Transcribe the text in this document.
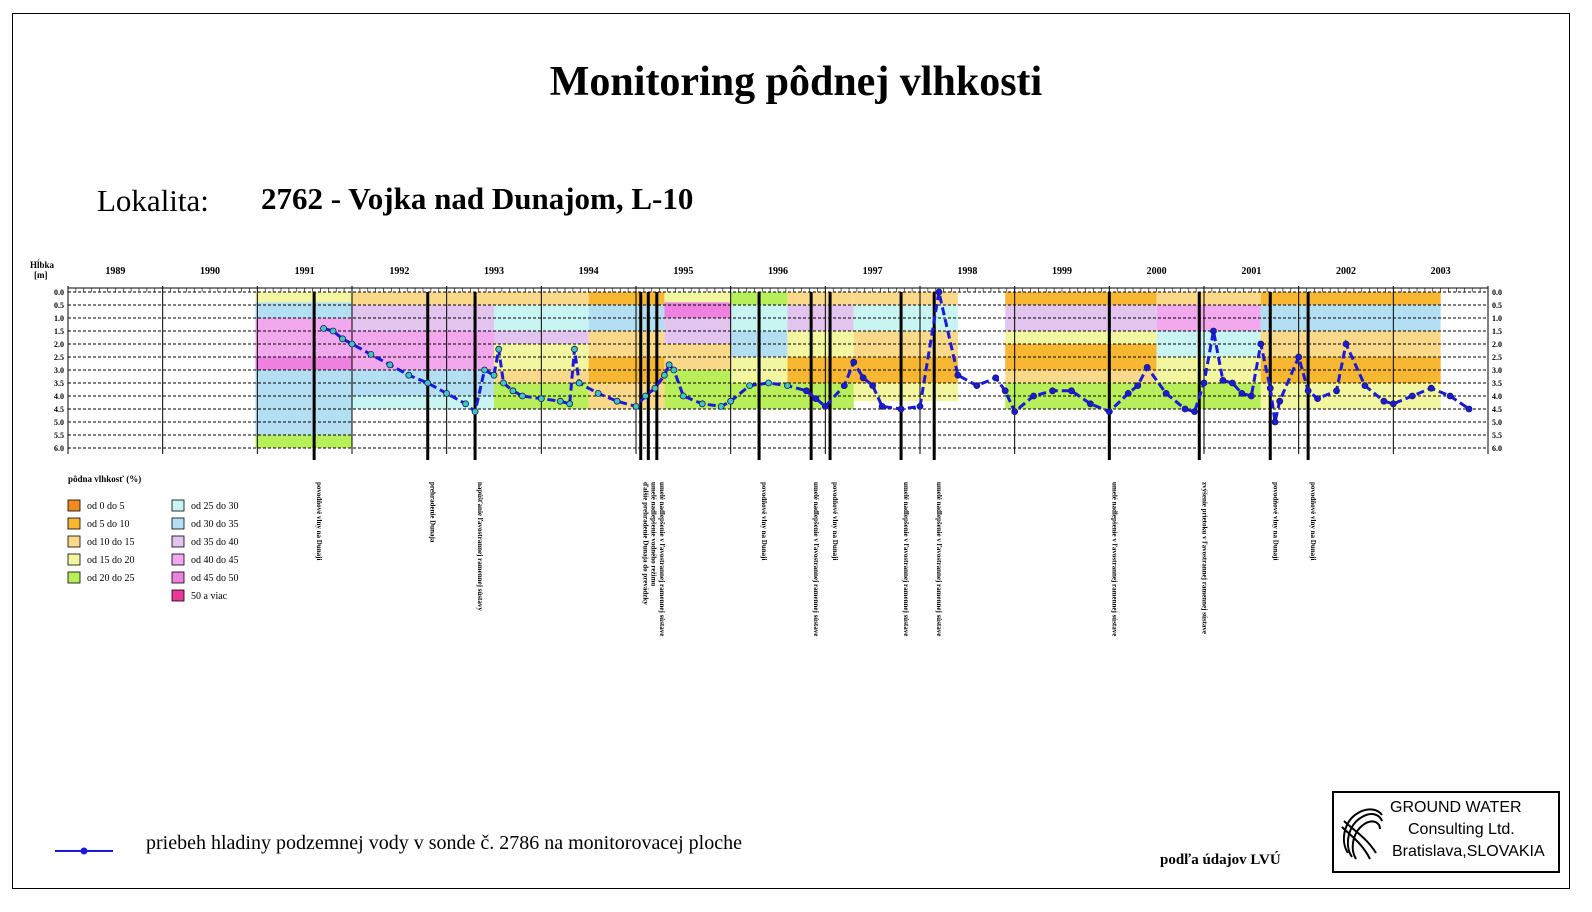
Monitoring pôdnej vlhkosti
Lokalita: 2762 - Vojka nad Dunajom, L-10
0.0	0.0
0.5	0.5
1.0	1.0
1.5	1.5
2.0	2.0
2.5	2.5
3.0	3.0
3.5	3.5
4.0	4.0
4.5	4.5
5.0	5.0
5.5	5.5
6.0	6.0
1989	1990	1991	1992	1993	1994	1995	1996	1997	1998	1999	2000	2001	2002	2003
Hĺbka
[m]
povodňové vlny na Dunaji	prehradenie Dunaja	napúšťanie ľavostrannej ramennej sústavy	ďalšie prehradenie Dunaja do prevádzky umelé nadlepšenie vodného režimu umelé nadlepšenie v ľavostrannej ramennej sústave	povodňové vlny na Dunaji	umelé nadlepšenie v ľavostrannej ramennej sústave povodňové vlny na Dunaji	umelé nadlepšenie v ľavostrannej ramennej sústave	umelé nadlepšenie v ľavostrannej ramennej sústave	umelé nadlepšenie v ľavostrannej ramennej sústave	zvýšenie prietoku v ľavostrannej ramennej sústave	povodňové vlny na Dunaji	povodňové vlny na Dunaji
pôdna vlhkosť (%)
od 0 do 5
od 5 do 10
od 10 do 15
od 15 do 20
od 20 do 25
od 25 do 30
od 30 do 35
od 35 do 40
od 40 do 45
od 45 do 50
50 a viac
priebeh hladiny podzemnej vody v sonde č. 2786 na monitorovacej ploche
podľa údajov LVÚ
GROUND WATER
Consulting Ltd.
Bratislava,SLOVAKIA
